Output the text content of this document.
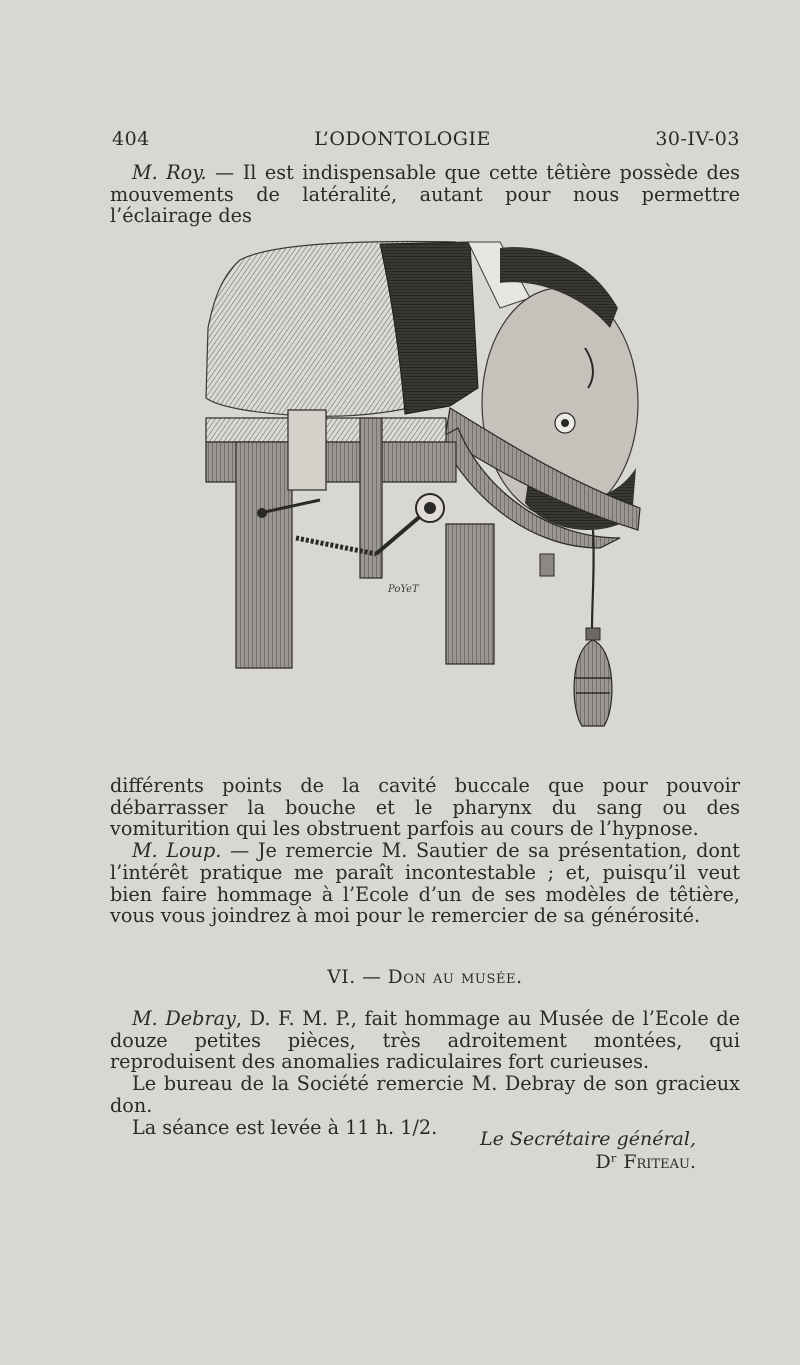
404	L’ODONTOLOGIE	30-IV-03

M. Roy. — Il est indispensable que cette têtière possède des mouvements de latéralité, autant pour nous permettre l’éclairage des

PoYeT

différents points de la cavité buccale que pour pouvoir débarrasser la bouche et le pharynx du sang ou des vomiturition qui les obstruent parfois au cours de l’hypnose.

M. Loup. — Je remercie M. Sautier de sa présentation, dont l’intérêt pratique me paraît incontestable ; et, puisqu’il veut bien faire hommage à l’Ecole d’un de ses modèles de têtière, vous vous joindrez à moi pour le remercier de sa générosité.

VI. — Don au musée.

M. Debray, D. F. M. P., fait hommage au Musée de l’Ecole de douze petites pièces, très adroitement montées, qui reproduisent des anomalies radiculaires fort curieuses.

Le bureau de la Société remercie M. Debray de son gracieux don.

La séance est levée à 11 h. 1/2.

Le Secrétaire général,
Dʳ Friteau.
